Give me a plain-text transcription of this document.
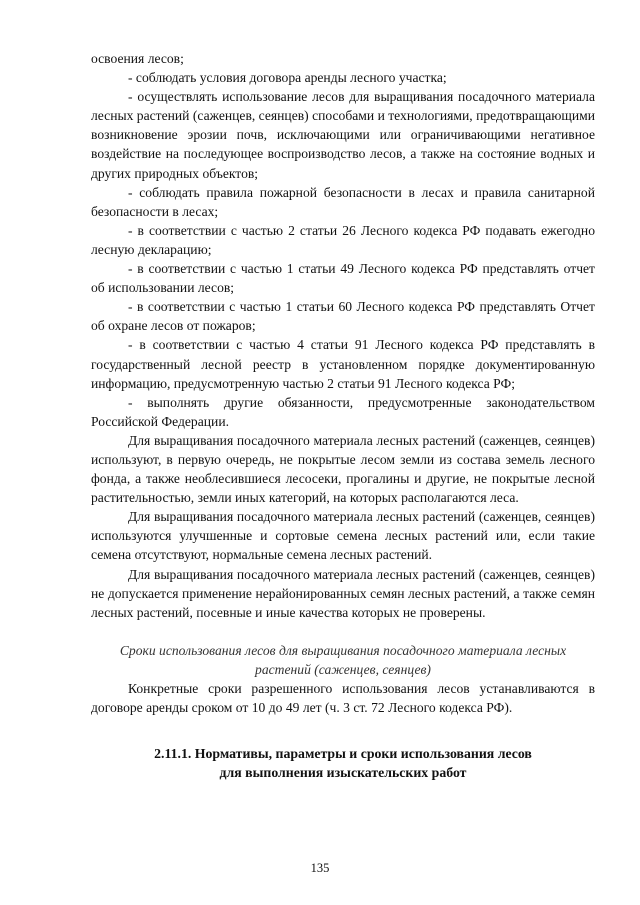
освоения лесов;

- соблюдать условия договора аренды лесного участка;

- осуществлять использование лесов для выращивания посадочного материала лесных растений (саженцев, сеянцев) способами и технологиями, предотвращающими возникновение эрозии почв, исключающими или ограничивающими негативное воздействие на последующее воспроизводство лесов, а также на состояние водных и других природных объектов;

- соблюдать правила пожарной безопасности в лесах и правила санитарной безопасности в лесах;

- в соответствии с частью 2 статьи 26 Лесного кодекса РФ подавать ежегодно лесную декларацию;

- в соответствии с частью 1 статьи 49 Лесного кодекса РФ представлять отчет об использовании лесов;

- в соответствии с частью 1 статьи 60 Лесного кодекса РФ представлять Отчет об охране лесов от пожаров;

- в соответствии с частью 4 статьи 91 Лесного кодекса РФ представлять в государственный лесной реестр в установленном порядке документированную информацию, предусмотренную частью 2 статьи 91 Лесного кодекса РФ;

- выполнять другие обязанности, предусмотренные законодательством Российской Федерации.

Для выращивания посадочного материала лесных растений (саженцев, сеянцев) используют, в первую очередь, не покрытые лесом земли из состава земель лесного фонда, а также необлесившиеся лесосеки, прогалины и другие, не покрытые лесной растительностью, земли иных категорий, на которых располагаются леса.

Для выращивания посадочного материала лесных растений (саженцев, сеянцев) используются улучшенные и сортовые семена лесных растений или, если такие семена отсутствуют, нормальные семена лесных растений.

Для выращивания посадочного материала лесных растений (саженцев, сеянцев) не допускается применение нерайонированных семян лесных растений, а также семян лесных растений, посевные и иные качества которых не проверены.

Сроки использования лесов для выращивания посадочного материала лесных растений (саженцев, сеянцев)

Конкретные сроки разрешенного использования лесов устанавливаются в договоре аренды сроком от 10 до 49 лет (ч. 3 ст. 72 Лесного кодекса РФ).

2.11.1. Нормативы, параметры и сроки использования лесов
для выполнения изыскательских работ
135
